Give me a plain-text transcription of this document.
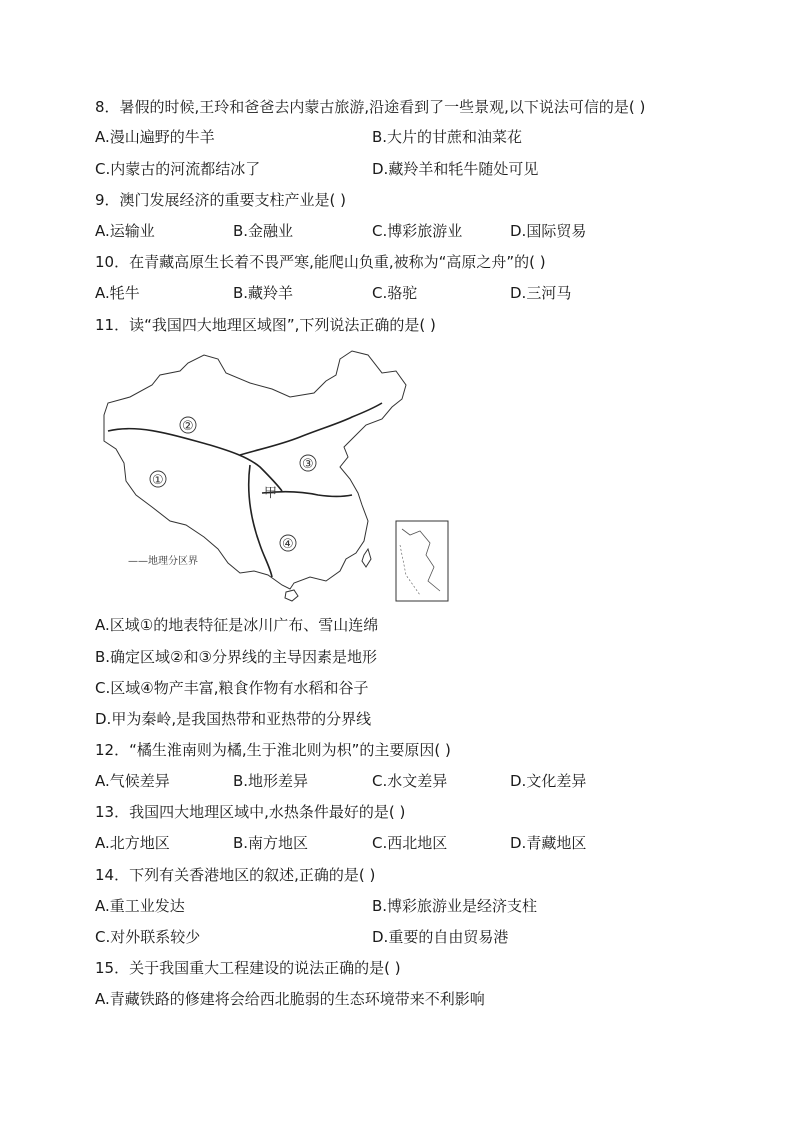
8．暑假的时候,王玲和爸爸去内蒙古旅游,沿途看到了一些景观,以下说法可信的是( )
A.漫山遍野的牛羊	B.大片的甘蔗和油菜花
C.内蒙古的河流都结冰了	D.藏羚羊和牦牛随处可见
9．澳门发展经济的重要支柱产业是( )
A.运输业	B.金融业	C.博彩旅游业	D.国际贸易
10．在青藏高原生长着不畏严寒,能爬山负重,被称为“高原之舟”的( )
A.牦牛	B.藏羚羊	C.骆驼	D.三河马
11．读“我国四大地理区域图”,下列说法正确的是( )
②
①
③
④
甲
——地理分区界
A.区域①的地表特征是冰川广布、雪山连绵
B.确定区域②和③分界线的主导因素是地形
C.区域④物产丰富,粮食作物有水稻和谷子
D.甲为秦岭,是我国热带和亚热带的分界线
12．“橘生淮南则为橘,生于淮北则为枳”的主要原因( )
A.气候差异	B.地形差异	C.水文差异	D.文化差异
13．我国四大地理区域中,水热条件最好的是( )
A.北方地区	B.南方地区	C.西北地区	D.青藏地区
14．下列有关香港地区的叙述,正确的是( )
A.重工业发达	B.博彩旅游业是经济支柱
C.对外联系较少	D.重要的自由贸易港
15．关于我国重大工程建设的说法正确的是( )
A.青藏铁路的修建将会给西北脆弱的生态环境带来不利影响
